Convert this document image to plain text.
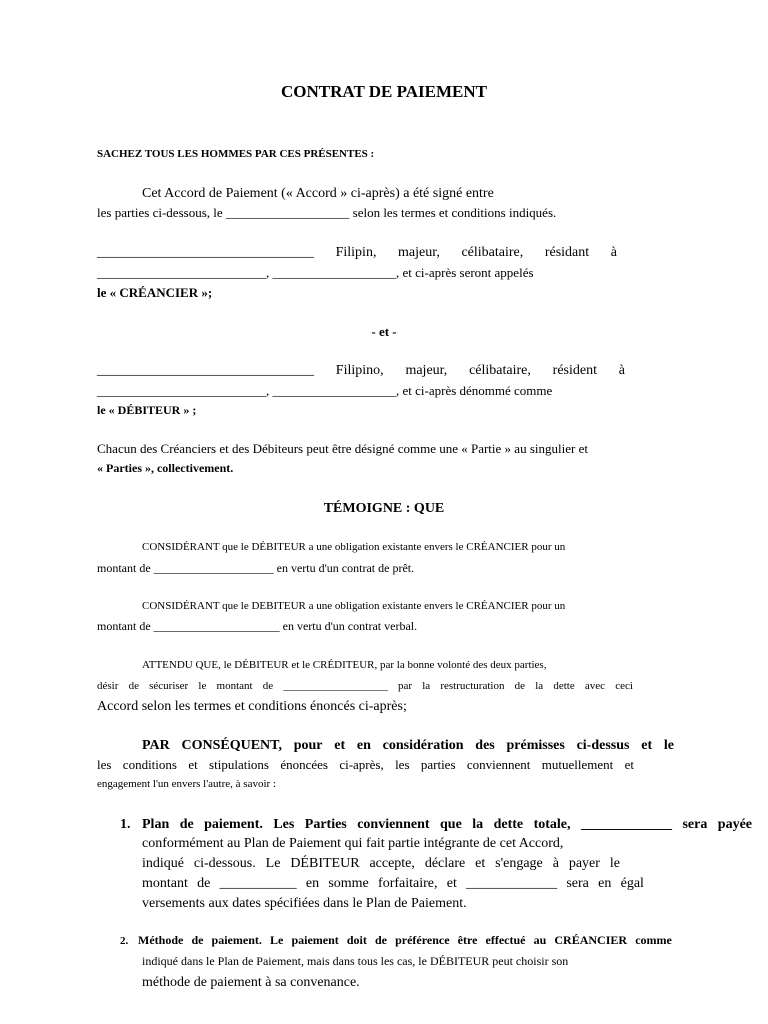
CONTRAT DE PAIEMENT
SACHEZ TOUS LES HOMMES PAR CES PRÉSENTES :
Cet Accord de Paiement (« Accord » ci-après) a été signé entre
les parties ci-dessous, le ___________________ selon les termes et conditions indiqués.
_______________________________ Filipin, majeur, célibataire, résidant à
__________________________, ___________________, et ci-après seront appelés
le « CRÉANCIER »;
- et -
_______________________________ Filipino, majeur, célibataire, résident à
__________________________, ___________________, et ci-après dénommé comme
le « DÉBITEUR » ;
Chacun des Créanciers et des Débiteurs peut être désigné comme une « Partie » au singulier et
« Parties », collectivement.
TÉMOIGNE : QUE
CONSIDÉRANT que le DÉBITEUR a une obligation existante envers le CRÉANCIER pour un
montant de ____________________ en vertu d'un contrat de prêt.
CONSIDÉRANT que le DEBITEUR a une obligation existante envers le CRÉANCIER pour un
montant de _____________________ en vertu d'un contrat verbal.
ATTENDU QUE, le DÉBITEUR et le CRÉDITEUR, par la bonne volonté des deux parties,
désir de sécuriser le montant de ___________________ par la restructuration de la dette avec ceci
Accord selon les termes et conditions énoncés ci-après;
PAR CONSÉQUENT, pour et en considération des prémisses ci-dessus et le
les conditions et stipulations énoncées ci-après, les parties conviennent mutuellement et
engagement l'un envers l'autre, à savoir :
1. Plan de paiement. Les Parties conviennent que la dette totale, _____________ sera payée
conformément au Plan de Paiement qui fait partie intégrante de cet Accord,
indiqué ci-dessous. Le DÉBITEUR accepte, déclare et s'engage à payer le
montant de ___________ en somme forfaitaire, et _____________ sera en égal
versements aux dates spécifiées dans le Plan de Paiement.
2. Méthode de paiement. Le paiement doit de préférence être effectué au CRÉANCIER comme
indiqué dans le Plan de Paiement, mais dans tous les cas, le DÉBITEUR peut choisir son
méthode de paiement à sa convenance.
